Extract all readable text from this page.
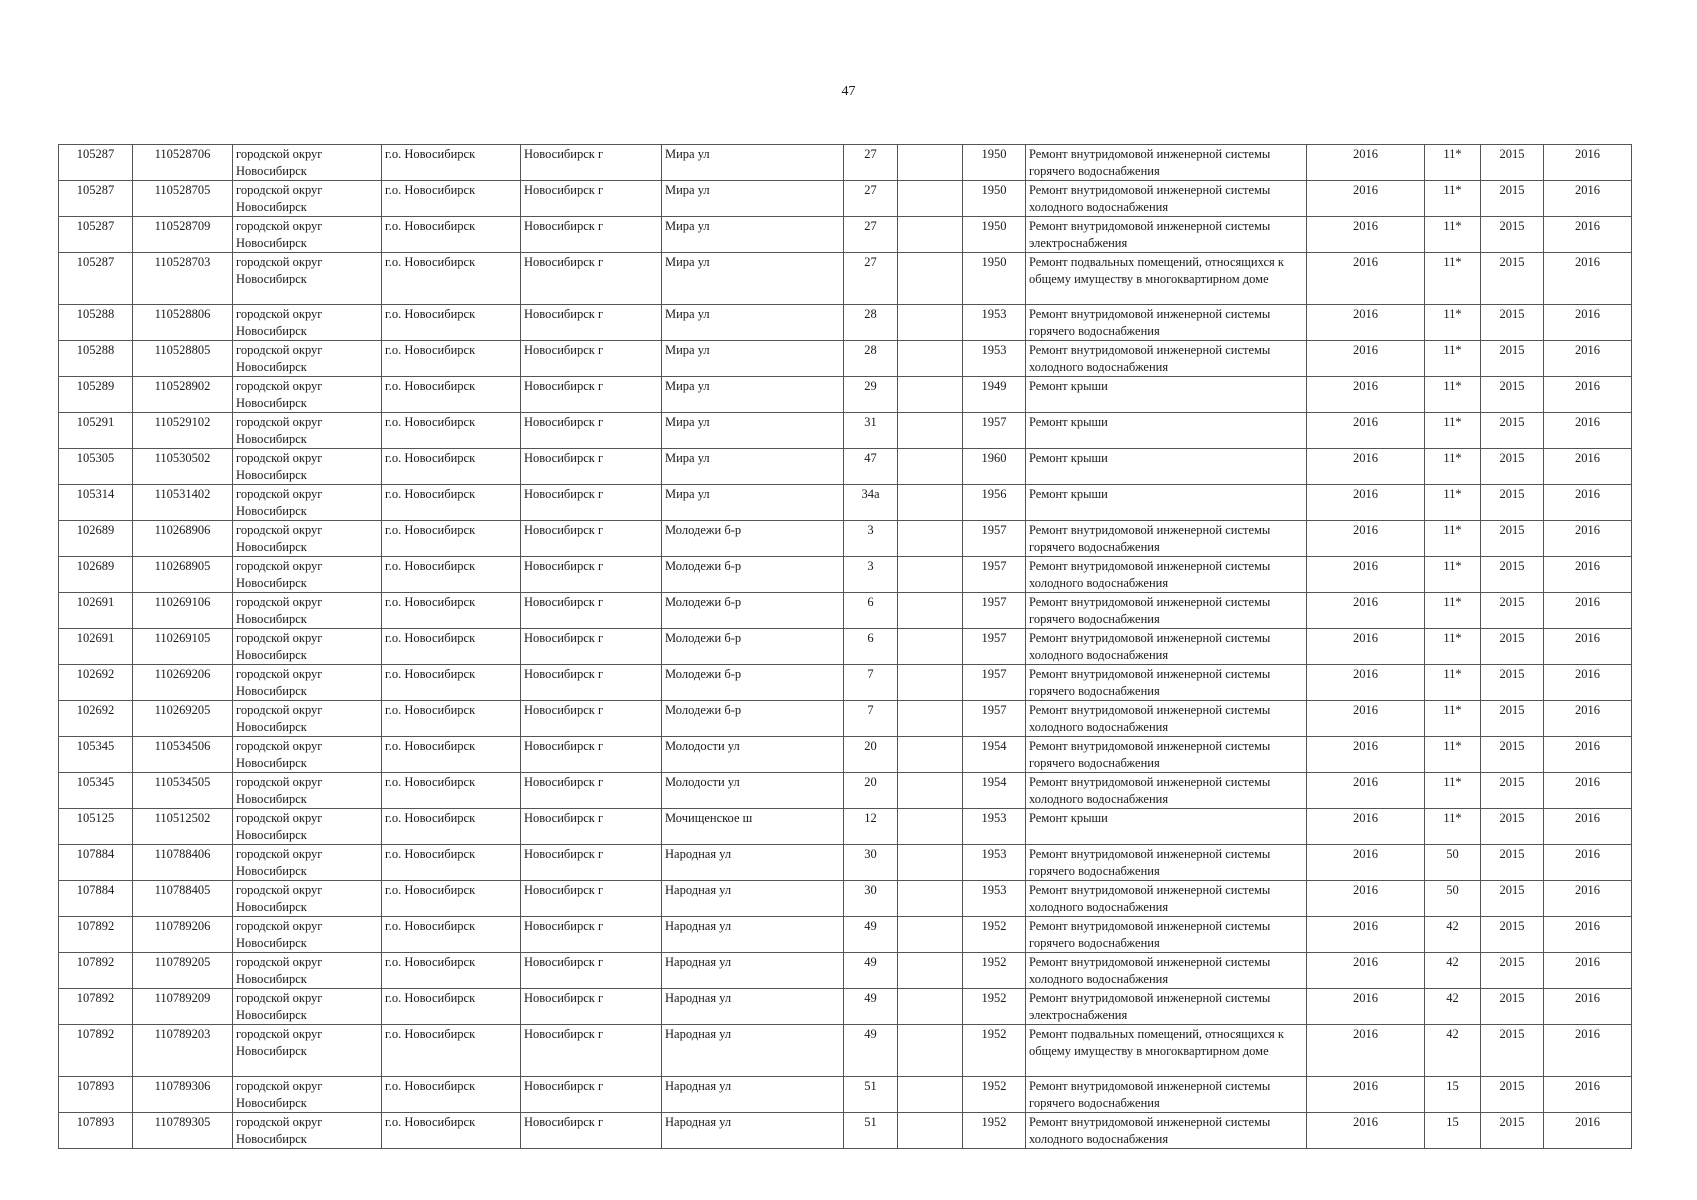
47
105287	110528706	городской округ Новосибирск	г.о. Новосибирск	Новосибирск г	Мира ул	27		1950	Ремонт внутридомовой инженерной системы горячего водоснабжения	2016	11*	2015	2016
105287	110528705	городской округ Новосибирск	г.о. Новосибирск	Новосибирск г	Мира ул	27		1950	Ремонт внутридомовой инженерной системы холодного водоснабжения	2016	11*	2015	2016
105287	110528709	городской округ Новосибирск	г.о. Новосибирск	Новосибирск г	Мира ул	27		1950	Ремонт внутридомовой инженерной системы электроснабжения	2016	11*	2015	2016
105287	110528703	городской округ Новосибирск	г.о. Новосибирск	Новосибирск г	Мира ул	27		1950	Ремонт подвальных помещений, относящихся к общему имуществу в многоквартирном доме	2016	11*	2015	2016
105288	110528806	городской округ Новосибирск	г.о. Новосибирск	Новосибирск г	Мира ул	28		1953	Ремонт внутридомовой инженерной системы горячего водоснабжения	2016	11*	2015	2016
105288	110528805	городской округ Новосибирск	г.о. Новосибирск	Новосибирск г	Мира ул	28		1953	Ремонт внутридомовой инженерной системы холодного водоснабжения	2016	11*	2015	2016
105289	110528902	городской округ Новосибирск	г.о. Новосибирск	Новосибирск г	Мира ул	29		1949	Ремонт крыши	2016	11*	2015	2016
105291	110529102	городской округ Новосибирск	г.о. Новосибирск	Новосибирск г	Мира ул	31		1957	Ремонт крыши	2016	11*	2015	2016
105305	110530502	городской округ Новосибирск	г.о. Новосибирск	Новосибирск г	Мира ул	47		1960	Ремонт крыши	2016	11*	2015	2016
105314	110531402	городской округ Новосибирск	г.о. Новосибирск	Новосибирск г	Мира ул	34а		1956	Ремонт крыши	2016	11*	2015	2016
102689	110268906	городской округ Новосибирск	г.о. Новосибирск	Новосибирск г	Молодежи б-р	3		1957	Ремонт внутридомовой инженерной системы горячего водоснабжения	2016	11*	2015	2016
102689	110268905	городской округ Новосибирск	г.о. Новосибирск	Новосибирск г	Молодежи б-р	3		1957	Ремонт внутридомовой инженерной системы холодного водоснабжения	2016	11*	2015	2016
102691	110269106	городской округ Новосибирск	г.о. Новосибирск	Новосибирск г	Молодежи б-р	6		1957	Ремонт внутридомовой инженерной системы горячего водоснабжения	2016	11*	2015	2016
102691	110269105	городской округ Новосибирск	г.о. Новосибирск	Новосибирск г	Молодежи б-р	6		1957	Ремонт внутридомовой инженерной системы холодного водоснабжения	2016	11*	2015	2016
102692	110269206	городской округ Новосибирск	г.о. Новосибирск	Новосибирск г	Молодежи б-р	7		1957	Ремонт внутридомовой инженерной системы горячего водоснабжения	2016	11*	2015	2016
102692	110269205	городской округ Новосибирск	г.о. Новосибирск	Новосибирск г	Молодежи б-р	7		1957	Ремонт внутридомовой инженерной системы холодного водоснабжения	2016	11*	2015	2016
105345	110534506	городской округ Новосибирск	г.о. Новосибирск	Новосибирск г	Молодости ул	20		1954	Ремонт внутридомовой инженерной системы горячего водоснабжения	2016	11*	2015	2016
105345	110534505	городской округ Новосибирск	г.о. Новосибирск	Новосибирск г	Молодости ул	20		1954	Ремонт внутридомовой инженерной системы холодного водоснабжения	2016	11*	2015	2016
105125	110512502	городской округ Новосибирск	г.о. Новосибирск	Новосибирск г	Мочищенское ш	12		1953	Ремонт крыши	2016	11*	2015	2016
107884	110788406	городской округ Новосибирск	г.о. Новосибирск	Новосибирск г	Народная ул	30		1953	Ремонт внутридомовой инженерной системы горячего водоснабжения	2016	50	2015	2016
107884	110788405	городской округ Новосибирск	г.о. Новосибирск	Новосибирск г	Народная ул	30		1953	Ремонт внутридомовой инженерной системы холодного водоснабжения	2016	50	2015	2016
107892	110789206	городской округ Новосибирск	г.о. Новосибирск	Новосибирск г	Народная ул	49		1952	Ремонт внутридомовой инженерной системы горячего водоснабжения	2016	42	2015	2016
107892	110789205	городской округ Новосибирск	г.о. Новосибирск	Новосибирск г	Народная ул	49		1952	Ремонт внутридомовой инженерной системы холодного водоснабжения	2016	42	2015	2016
107892	110789209	городской округ Новосибирск	г.о. Новосибирск	Новосибирск г	Народная ул	49		1952	Ремонт внутридомовой инженерной системы электроснабжения	2016	42	2015	2016
107892	110789203	городской округ Новосибирск	г.о. Новосибирск	Новосибирск г	Народная ул	49		1952	Ремонт подвальных помещений, относящихся к общему имуществу в многоквартирном доме	2016	42	2015	2016
107893	110789306	городской округ Новосибирск	г.о. Новосибирск	Новосибирск г	Народная ул	51		1952	Ремонт внутридомовой инженерной системы горячего водоснабжения	2016	15	2015	2016
107893	110789305	городской округ Новосибирск	г.о. Новосибирск	Новосибирск г	Народная ул	51		1952	Ремонт внутридомовой инженерной системы холодного водоснабжения	2016	15	2015	2016
